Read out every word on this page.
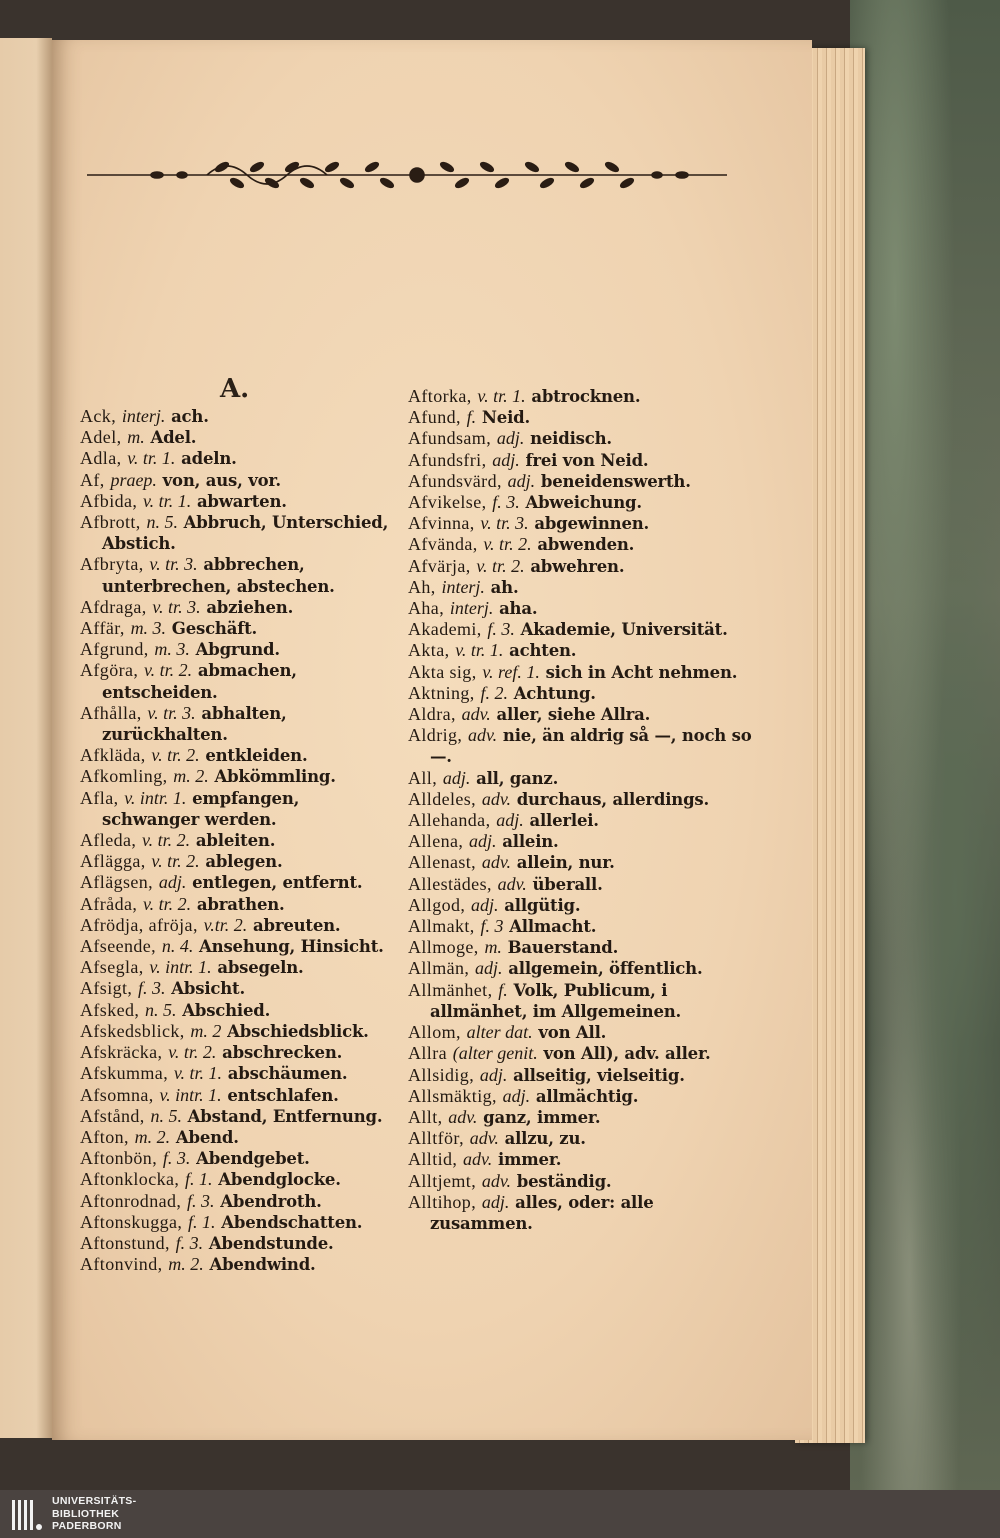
A.
Ack, interj. ach.
Adel, m. Adel.
Adla, v. tr. 1. adeln.
Af, praep. von, aus, vor.
Afbida, v. tr. 1. abwarten.
Afbrott, n. 5. Abbruch, Unterschied, Abstich.
Afbryta, v. tr. 3. abbrechen, unterbrechen, abstechen.
Afdraga, v. tr. 3. abziehen.
Affär, m. 3. Geschäft.
Afgrund, m. 3. Abgrund.
Afgöra, v. tr. 2. abmachen, entscheiden.
Afhålla, v. tr. 3. abhalten, zurückhalten.
Afkläda, v. tr. 2. entkleiden.
Afkomling, m. 2. Abkömmling.
Afla, v. intr. 1. empfangen, schwanger werden.
Afleda, v. tr. 2. ableiten.
Aflägga, v. tr. 2. ablegen.
Aflägsen, adj. entlegen, entfernt.
Afråda, v. tr. 2. abrathen.
Afrödja, afröja, v.tr. 2. abreuten.
Afseende, n. 4. Ansehung, Hinsicht.
Afsegla, v. intr. 1. absegeln.
Afsigt, f. 3. Absicht.
Afsked, n. 5. Abschied.
Afskedsblick, m. 2 Abschiedsblick.
Afskräcka, v. tr. 2. abschrecken.
Afskumma, v. tr. 1. abschäumen.
Afsomna, v. intr. 1. entschlafen.
Afstånd, n. 5. Abstand, Entfernung.
Afton, m. 2. Abend.
Aftonbön, f. 3. Abendgebet.
Aftonklocka, f. 1. Abendglocke.
Aftonrodnad, f. 3. Abendroth.
Aftonskugga, f. 1. Abendschatten.
Aftonstund, f. 3. Abendstunde.
Aftonvind, m. 2. Abendwind.
Aftorka, v. tr. 1. abtrocknen.
Afund, f. Neid.
Afundsam, adj. neidisch.
Afundsfri, adj. frei von Neid.
Afundsvärd, adj. beneidenswerth.
Afvikelse, f. 3. Abweichung.
Afvinna, v. tr. 3. abgewinnen.
Afvända, v. tr. 2. abwenden.
Afvärja, v. tr. 2. abwehren.
Ah, interj. ah.
Aha, interj. aha.
Akademi, f. 3. Akademie, Universität.
Akta, v. tr. 1. achten.
Akta sig, v. ref. 1. sich in Acht nehmen.
Aktning, f. 2. Achtung.
Aldra, adv. aller, siehe Allra.
Aldrig, adv. nie, än aldrig så —, noch so —.
All, adj. all, ganz.
Alldeles, adv. durchaus, allerdings.
Allehanda, adj. allerlei.
Allena, adj. allein.
Allenast, adv. allein, nur.
Allestädes, adv. überall.
Allgod, adj. allgütig.
Allmakt, f. 3 Allmacht.
Allmoge, m. Bauerstand.
Allmän, adj. allgemein, öffentlich.
Allmänhet, f. Volk, Publicum, i allmänhet, im Allgemeinen.
Allom, alter dat. von All.
Allra (alter genit. von All), adv. aller.
Allsidig, adj. allseitig, vielseitig.
Allsmäktig, adj. allmächtig.
Allt, adv. ganz, immer.
Alltför, adv. allzu, zu.
Alltid, adv. immer.
Alltjemt, adv. beständig.
Alltihop, adj. alles, oder: alle zusammen.
UNIVERSITÄTS-
BIBLIOTHEK
PADERBORN
